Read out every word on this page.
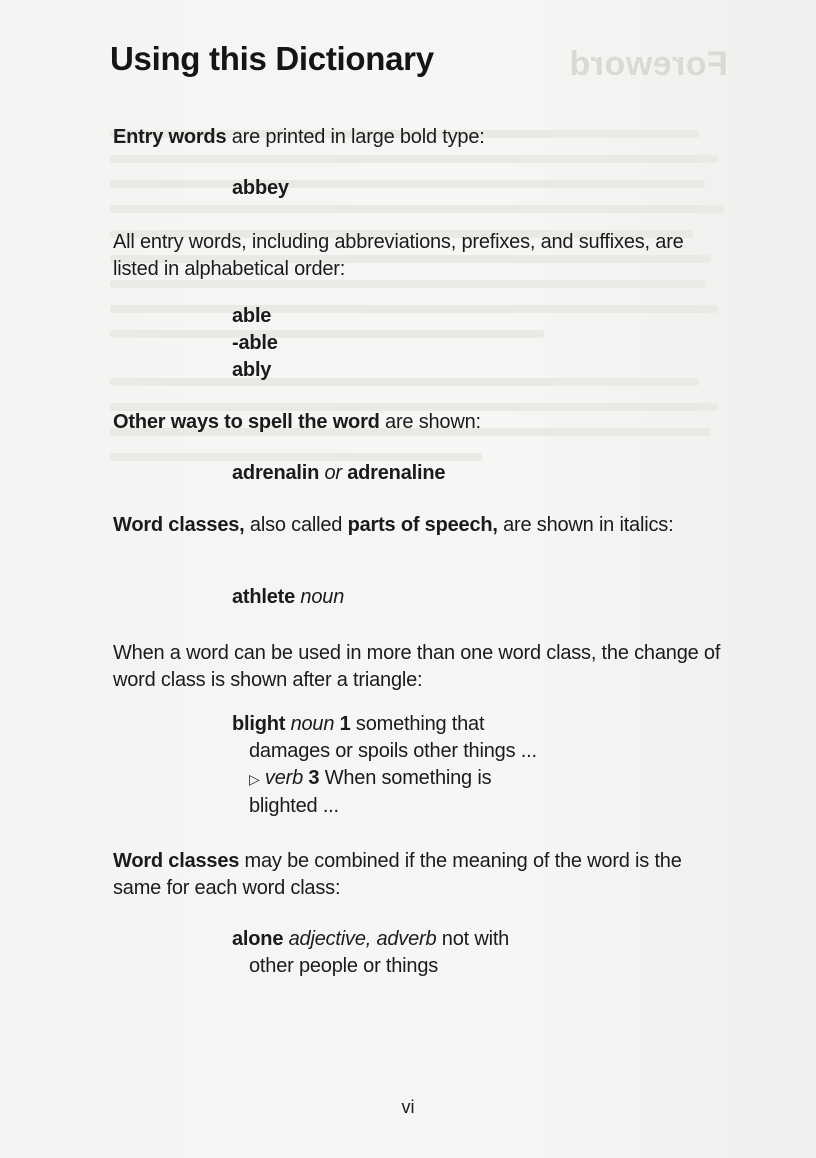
Foreword
Using this Dictionary

Entry words are printed in large bold type:

abbey

All entry words, including abbreviations, prefixes, and suffixes, are listed in alphabetical order:

able
-able
ably

Other ways to spell the word are shown:

adrenalin or adrenaline

Word classes, also called parts of speech, are shown in italics:

athlete noun

When a word can be used in more than one word class, the change of word class is shown after a triangle:

blight noun 1 something that
damages or spoils other things ...
▷ verb 3 When something is
blighted ...

Word classes may be combined if the meaning of the word is the same for each word class:

alone adjective, adverb not with
other people or things
vi
